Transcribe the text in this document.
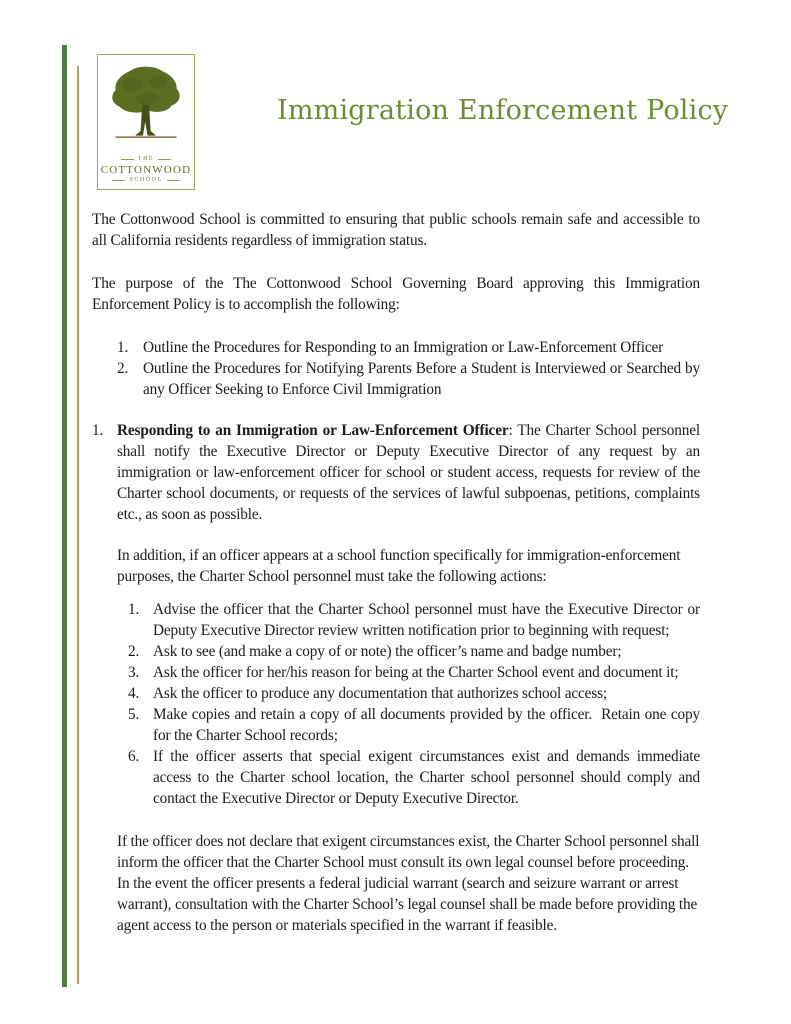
THE
COTTONWOOD
SCHOOL
Immigration Enforcement Policy

The Cottonwood School is committed to ensuring that public schools remain safe and accessible to all California residents regardless of immigration status.

The purpose of the The Cottonwood School Governing Board approving this Immigration Enforcement Policy is to accomplish the following:

1. Outline the Procedures for Responding to an Immigration or Law-Enforcement Officer
2. Outline the Procedures for Notifying Parents Before a Student is Interviewed or Searched by any Officer Seeking to Enforce Civil Immigration
1. Responding to an Immigration or Law-Enforcement Officer: The Charter School personnel shall notify the Executive Director or Deputy Executive Director of any request by an immigration or law-enforcement officer for school or student access, requests for review of the Charter school documents, or requests of the services of lawful subpoenas, petitions, complaints etc., as soon as possible.

In addition, if an officer appears at a school function specifically for immigration-enforcement purposes, the Charter School personnel must take the following actions:

1. Advise the officer that the Charter School personnel must have the Executive Director or Deputy Executive Director review written notification prior to beginning with request;
2. Ask to see (and make a copy of or note) the officer’s name and badge number;
3. Ask the officer for her/his reason for being at the Charter School event and document it;
4. Ask the officer to produce any documentation that authorizes school access;
5. Make copies and retain a copy of all documents provided by the officer.  Retain one copy for the Charter School records;
6. If the officer asserts that special exigent circumstances exist and demands immediate access to the Charter school location, the Charter school personnel should comply and contact the Executive Director or Deputy Executive Director.

If the officer does not declare that exigent circumstances exist, the Charter School personnel shall inform the officer that the Charter School must consult its own legal counsel before proceeding.  In the event the officer presents a federal judicial warrant (search and seizure warrant or arrest warrant), consultation with the Charter School’s legal counsel shall be made before providing the agent access to the person or materials specified in the warrant if feasible.
